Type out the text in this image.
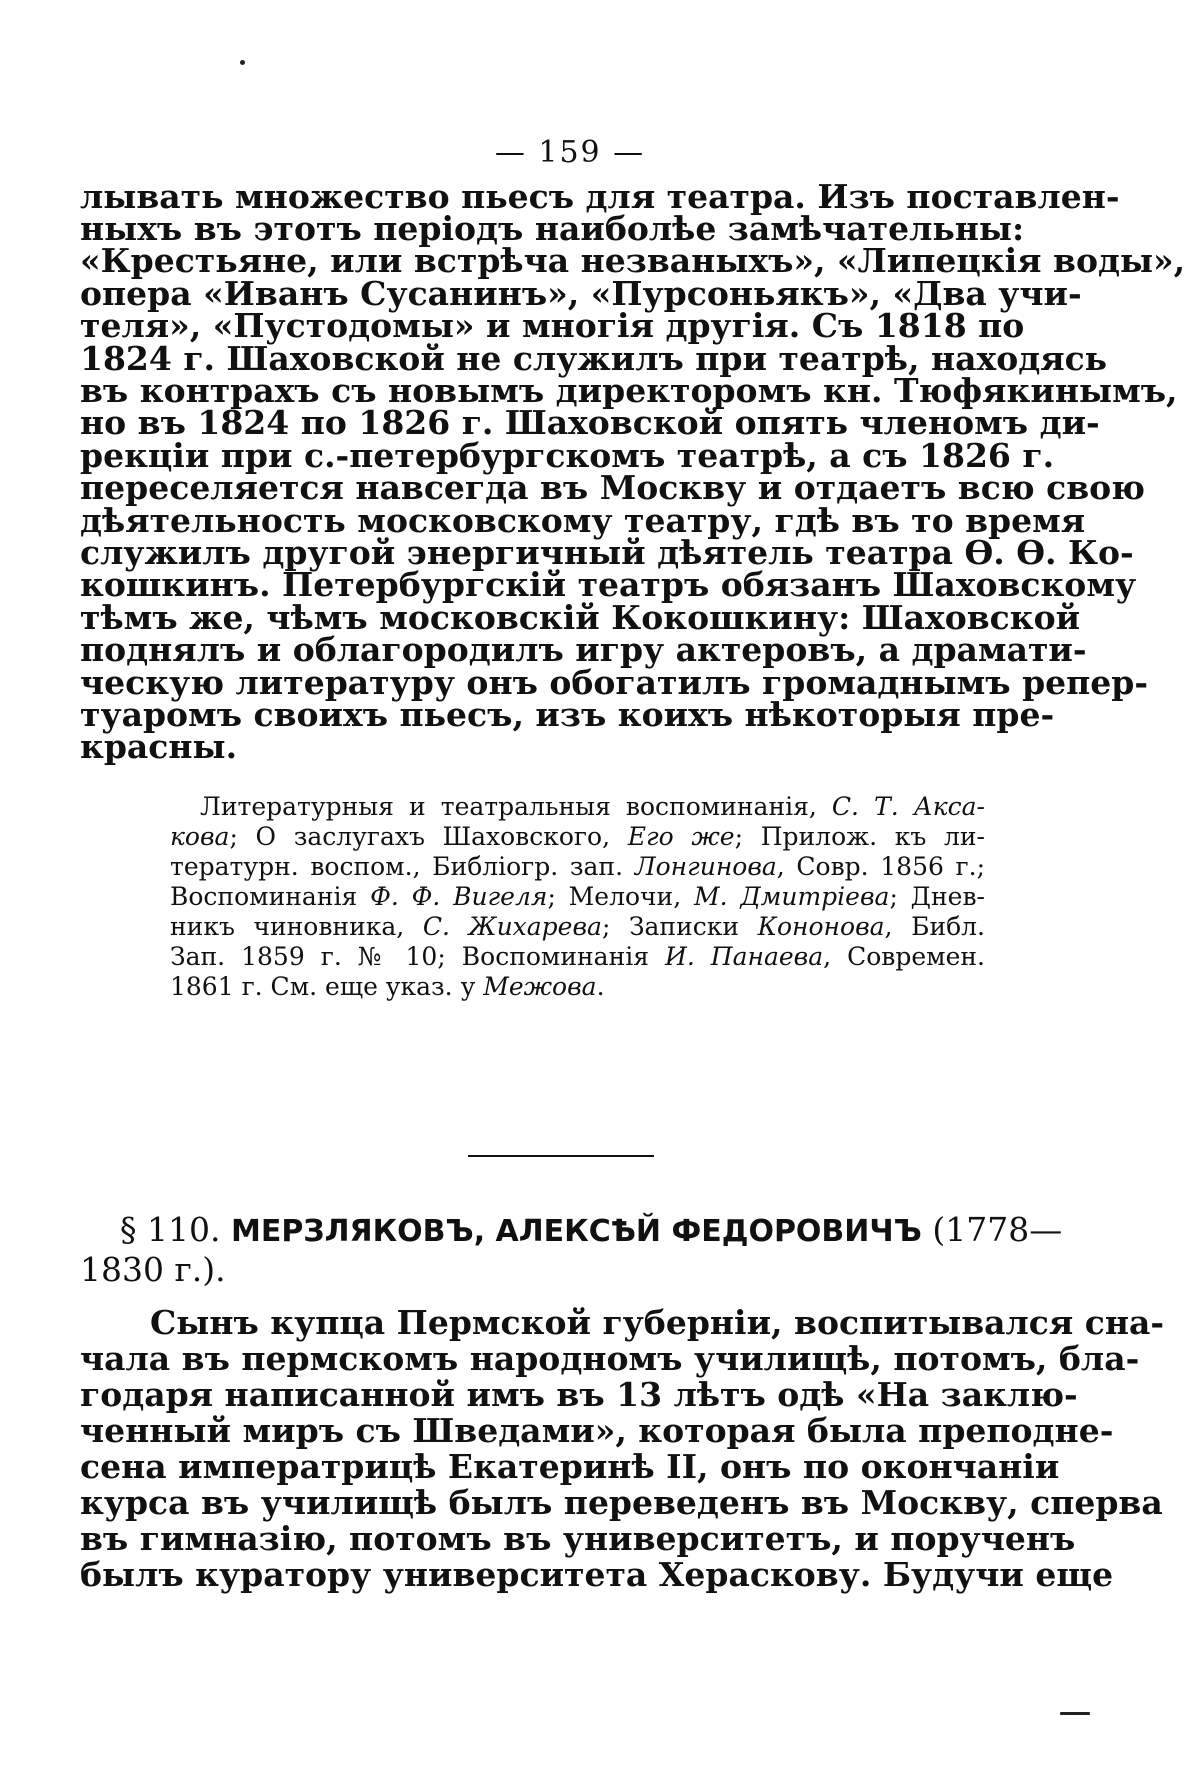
— 159 —
лывать множество пьесъ для театра. Изъ поставлен-
ныхъ въ этотъ періодъ наиболѣе замѣчательны:
«Крестьяне, или встрѣча незваныхъ», «Липецкія воды»,
опера «Иванъ Сусанинъ», «Пурсоньякъ», «Два учи-
теля», «Пустодомы» и многія другія. Съ 1818 по
1824 г. Шаховской не служилъ при театрѣ, находясь
въ контрахъ съ новымъ директоромъ кн. Тюфякинымъ,
но въ 1824 по 1826 г. Шаховской опять членомъ ди-
рекціи при с.-петербургскомъ театрѣ, а съ 1826 г.
переселяется навсегда въ Москву и отдаетъ всю свою
дѣятельность московскому театру, гдѣ въ то время
служилъ другой энергичный дѣятель театра Ѳ. Ѳ. Ко-
кошкинъ. Петербургскій театръ обязанъ Шаховскому
тѣмъ же, чѣмъ московскій Кокошкину: Шаховской
поднялъ и облагородилъ игру актеровъ, а драмати-
ческую литературу онъ обогатилъ громаднымъ репер-
туаромъ своихъ пьесъ, изъ коихъ нѣкоторыя пре-
красны.
Литературныя и театральныя воспоминанія, С. Т. Акса-
кова; О заслугахъ Шаховского, Его же; Прилож. къ ли-
тературн. воспом., Библіогр. зап. Лонгинова, Совр. 1856 г.;
Воспоминанія Ф. Ф. Вигеля; Мелочи, М. Дмитріева; Днев-
никъ чиновника, С. Жихарева; Записки Кононова, Библ.
Зап. 1859 г. № 10; Воспоминанія И. Панаева, Современ.
1861 г. См. еще указ. у Межова.
§ 110. МЕРЗЛЯКОВЪ, АЛЕКСѢЙ ФЕДОРОВИЧЪ (1778—
1830 г.).
Сынъ купца Пермской губерніи, воспитывался сна-
чала въ пермскомъ народномъ училищѣ, потомъ, бла-
годаря написанной имъ въ 13 лѣтъ одѣ «На заклю-
ченный миръ съ Шведами», которая была преподне-
сена императрицѣ Екатеринѣ II, онъ по окончаніи
курса въ училищѣ былъ переведенъ въ Москву, сперва
въ гимназію, потомъ въ университетъ, и порученъ
былъ куратору университета Хераскову. Будучи еще
